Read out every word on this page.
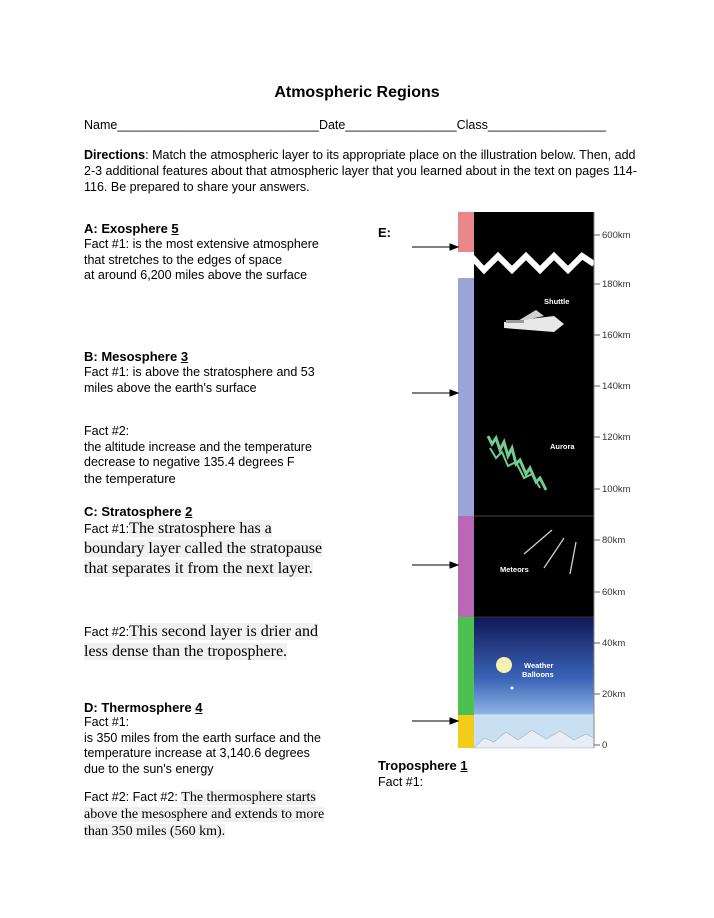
Atmospheric Regions
Name_____________________________Date________________Class_________________
Directions: Match the atmospheric layer to its appropriate place on the illustration below. Then, add 2-3 additional features about that atmospheric layer that you learned about in the text on pages 114-116. Be prepared to share your answers.
A: Exosphere 5
Fact #1: is the most extensive atmosphere
that stretches to the edges of space
at around 6,200 miles above the surface
B: Mesosphere 3
Fact #1: is above the stratosphere and 53
miles above the earth's surface
Fact #2:
the altitude increase and the temperature
decrease to negative 135.4 degrees F
the temperature
C: Stratosphere 2
Fact #1:The stratosphere has a
boundary layer called the stratopause
that separates it from the next layer.
Fact #2:This second layer is drier and
less dense than the troposphere.
D: Thermosphere 4
Fact #1:
is 350 miles from the earth surface and the
temperature increase at 3,140.6 degrees
due to the sun's energy
Fact #2: Fact #2: The thermosphere starts
above the mesosphere and extends to more
than 350 miles (560 km).
E:	600km
180km
160km
140km
120km
100km
80km
60km
40km
20km
0
Shuttle
Aurora
Meteors
Weather
Balloons
Troposphere 1
Fact #1:
